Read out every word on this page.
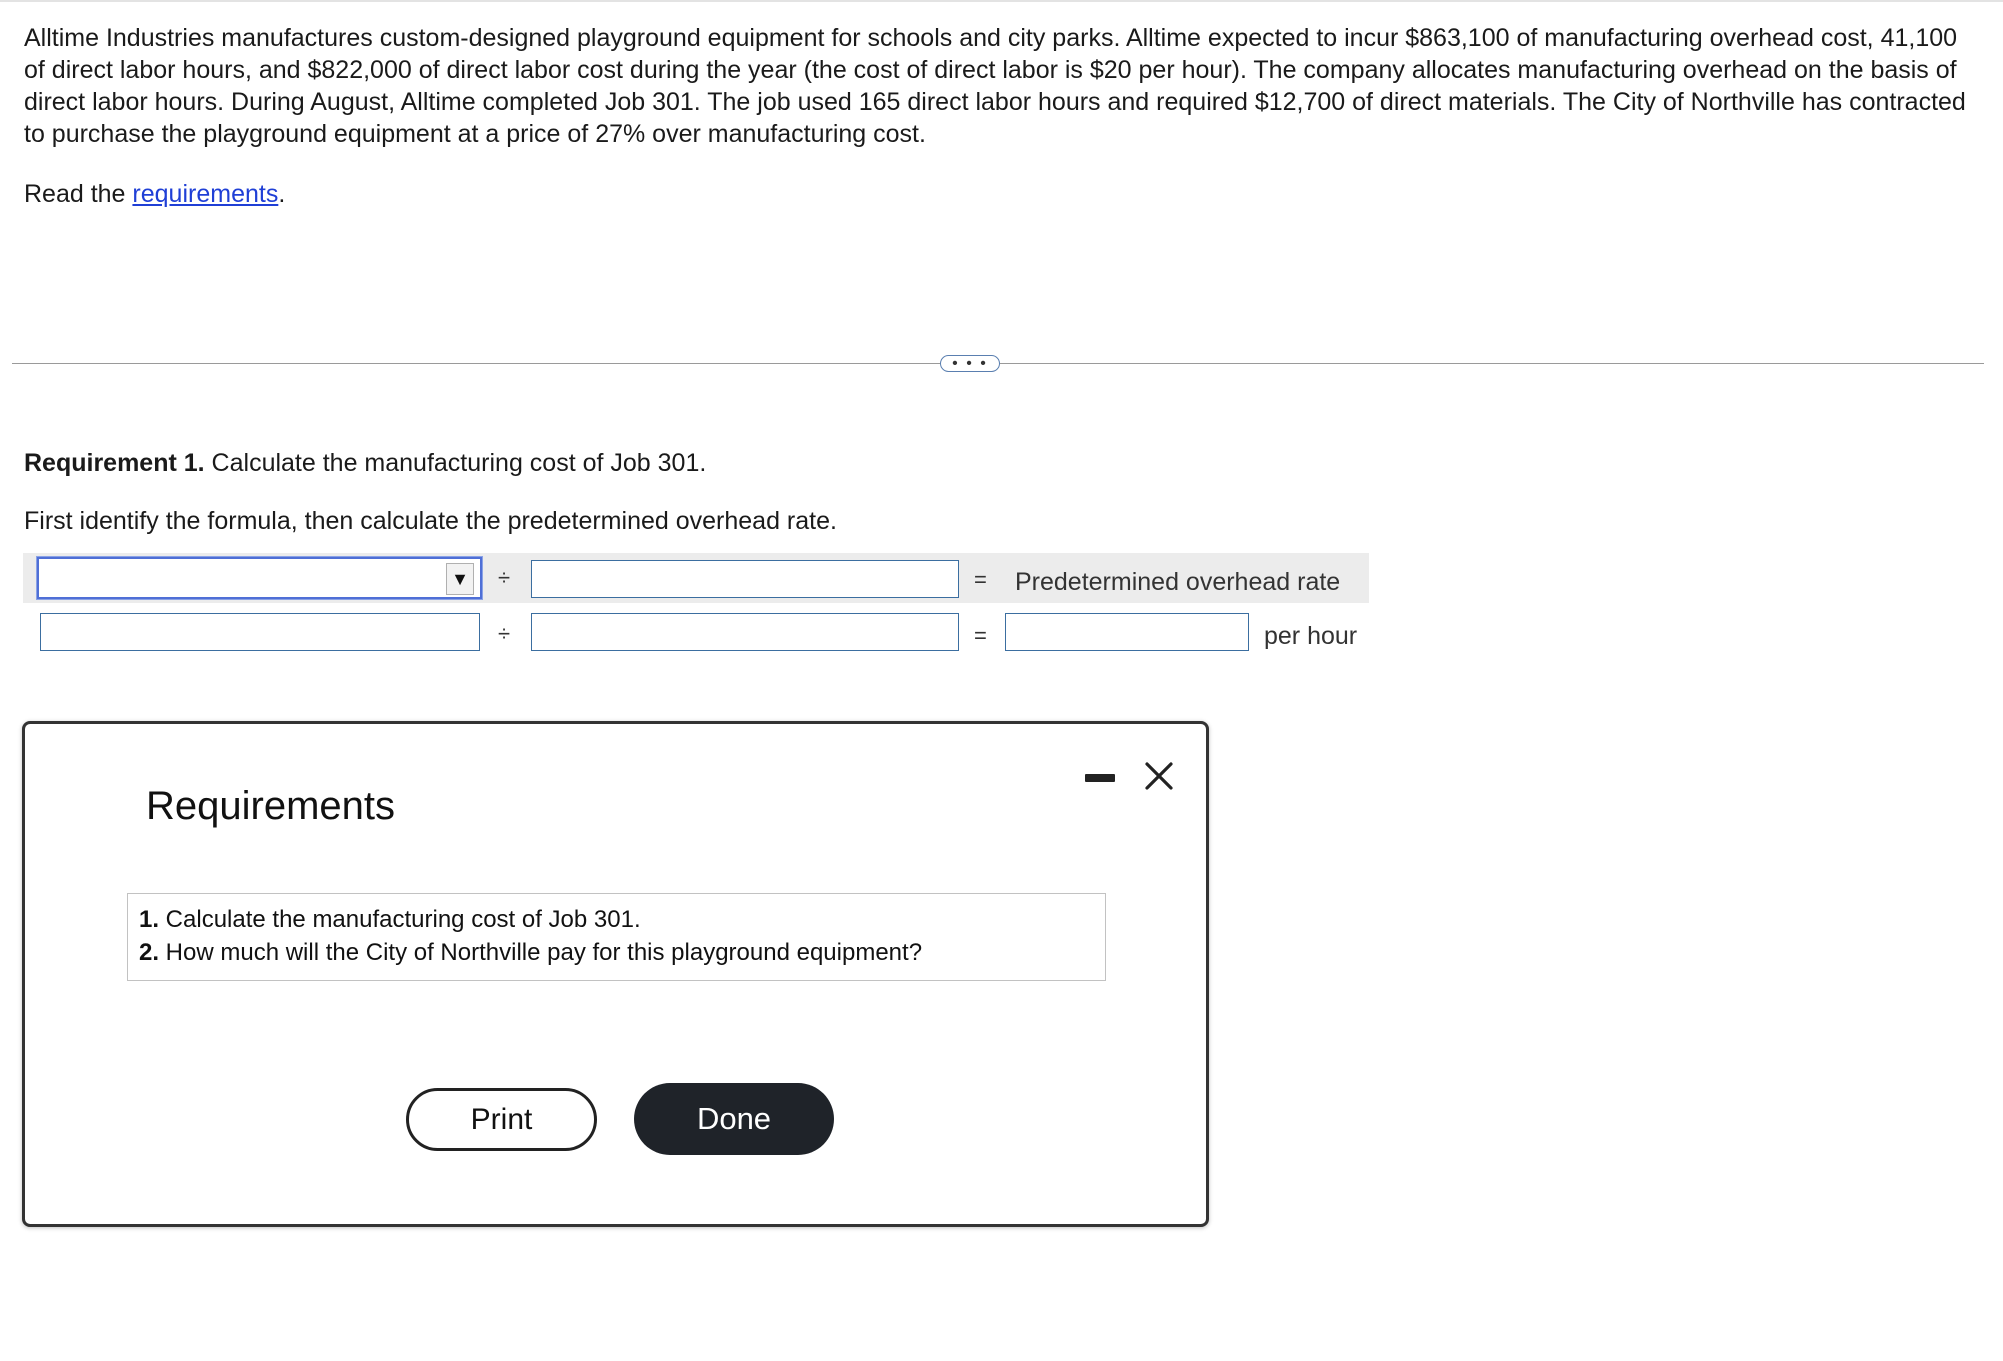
Alltime Industries manufactures custom-designed playground equipment for schools and city parks. Alltime expected to incur $863,100 of manufacturing overhead cost, 41,100 of direct labor hours, and $822,000 of direct labor cost during the year (the cost of direct labor is $20 per hour). The company allocates manufacturing overhead on the basis of direct labor hours. During August, Alltime completed Job 301. The job used 165 direct labor hours and required $12,700 of direct materials. The City of Northville has contracted to purchase the playground equipment at a price of 27% over manufacturing cost.
Read the requirements.
• • •
Requirement 1. Calculate the manufacturing cost of Job 301.
First identify the formula, then calculate the predetermined overhead rate.
▼ ÷	= Predetermined overhead rate
÷	=	per hour
Requirements
1. Calculate the manufacturing cost of Job 301.
2. How much will the City of Northville pay for this playground equipment?
Print	Done
